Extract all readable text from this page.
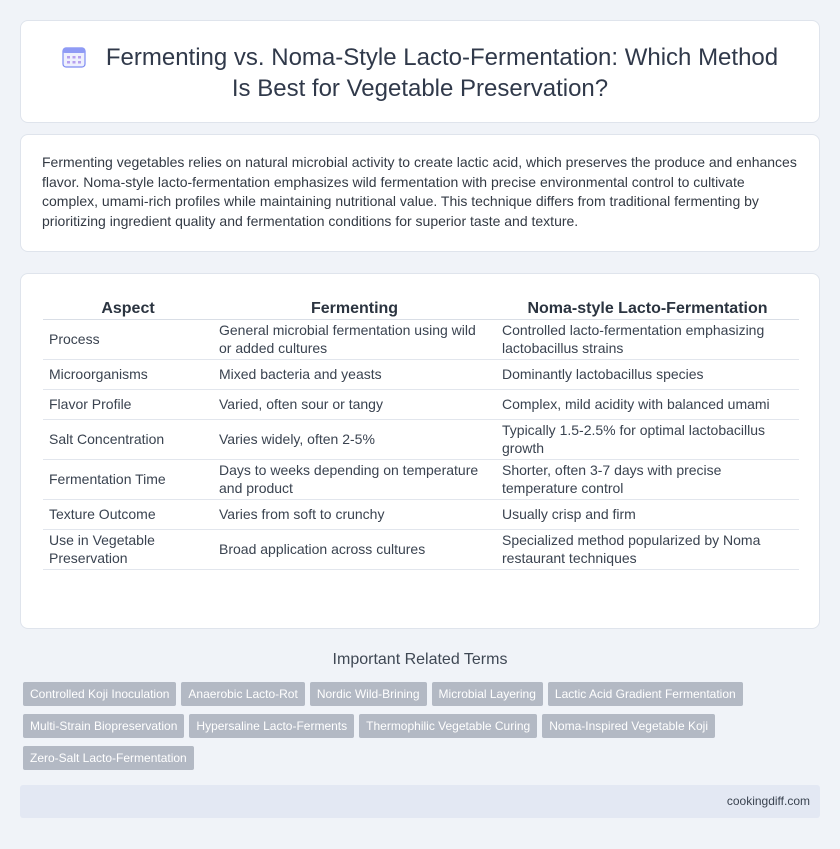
Fermenting vs. Noma-Style Lacto-Fermentation: Which Method Is Best for Vegetable Preservation?

Fermenting vegetables relies on natural microbial activity to create lactic acid, which preserves the produce and enhances flavor. Noma-style lacto-fermentation emphasizes wild fermentation with precise environmental control to cultivate complex, umami-rich profiles while maintaining nutritional value. This technique differs from traditional fermenting by prioritizing ingredient quality and fermentation conditions for superior taste and texture.

Aspect	Fermenting	Noma-style Lacto-Fermentation
Process	General microbial fermentation using wild or added cultures	Controlled lacto-fermentation emphasizing lactobacillus strains
Microorganisms	Mixed bacteria and yeasts	Dominantly lactobacillus species
Flavor Profile	Varied, often sour or tangy	Complex, mild acidity with balanced umami
Salt Concentration	Varies widely, often 2-5%	Typically 1.5-2.5% for optimal lactobacillus growth
Fermentation Time	Days to weeks depending on temperature and product	Shorter, often 3-7 days with precise temperature control
Texture Outcome	Varies from soft to crunchy	Usually crisp and firm
Use in Vegetable Preservation	Broad application across cultures	Specialized method popularized by Noma restaurant techniques
Important Related Terms
Controlled Koji Inoculation Anaerobic Lacto-Rot Nordic Wild-Brining Microbial Layering Lactic Acid Gradient Fermentation
Multi-Strain Biopreservation Hypersaline Lacto-Ferments Thermophilic Vegetable Curing Noma-Inspired Vegetable Koji
Zero-Salt Lacto-Fermentation
cookingdiff.com
